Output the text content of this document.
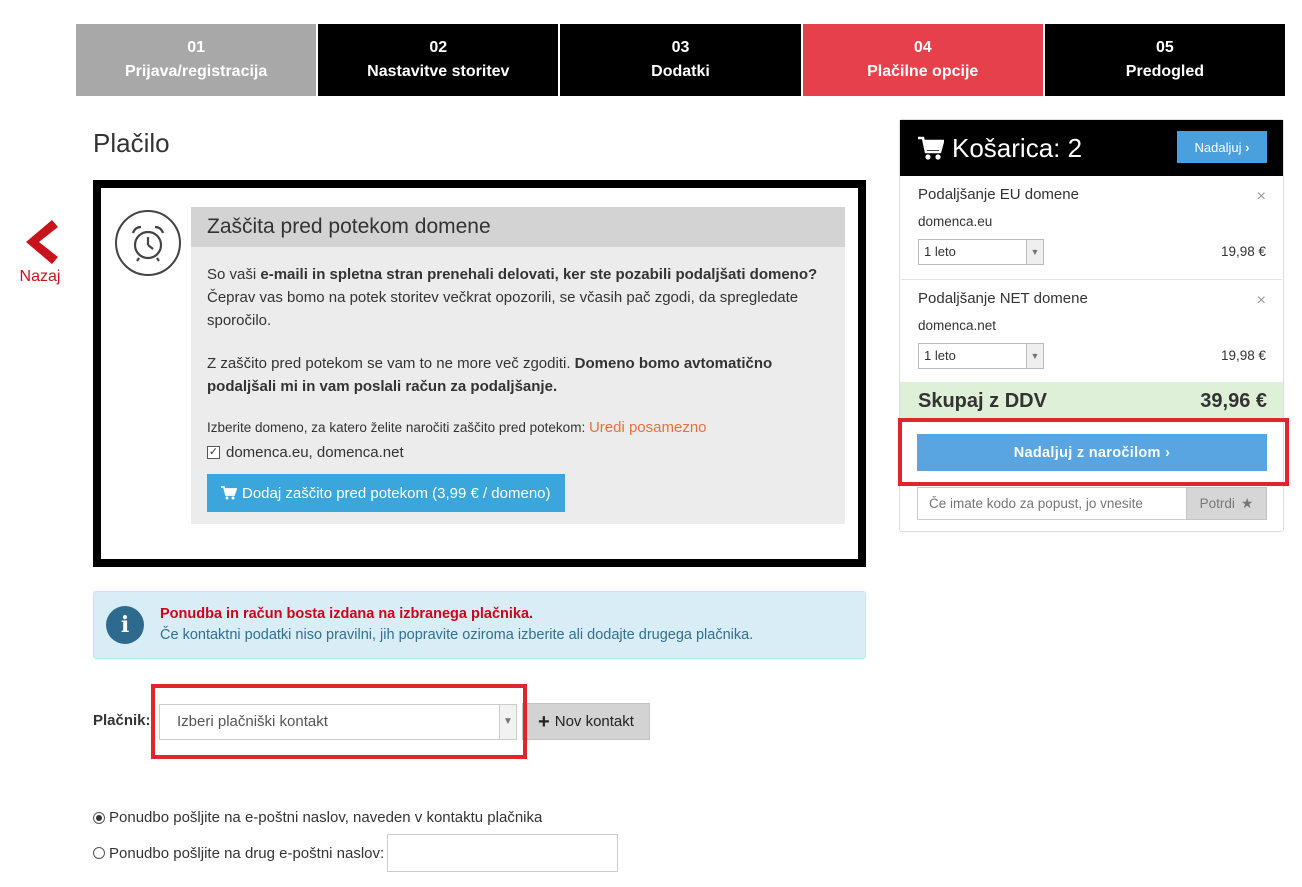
01
Prijava/registracija
02
Nastavitve storitev
03
Dodatki
04
Plačilne opcije
05
Predogled
Nazaj
Plačilo
Zaščita pred potekom domene

So vaši e-maili in spletna stran prenehali delovati, ker ste pozabili podaljšati domeno? Čeprav vas bomo na potek storitev večkrat opozorili, se včasih pač zgodi, da spregledate sporočilo.

Z zaščito pred potekom se vam to ne more več zgoditi. Domeno bomo avtomatično podaljšali mi in vam poslali račun za podaljšanje.

Izberite domeno, za katero želite naročiti zaščito pred potekom: Uredi posamezno
✓ domenca.eu, domenca.net
Dodaj zaščito pred potekom (3,99 € / domeno)
i	Ponudba in račun bosta izdana na izbranega plačnika.
Če kontaktni podatki niso pravilni, jih popravite oziroma izberite ali dodajte drugega plačnika.
Plačnik:	Izberi plačniški kontakt	▼ + Nov kontakt
Ponudbo pošljite na e-poštni naslov, naveden v kontaktu plačnika
Ponudbo pošljite na drug e-poštni naslov:
Košarica: 2	Nadaljuj
›
Podaljšanje EU domene	×
domenca.eu
1 leto	▼	19,98 €
Podaljšanje NET domene	×
domenca.net
1 leto	▼	19,98 €
Skupaj z DDV	39,96 €
Nadaljuj z naročilom
›
Če imate kodo za popust, jo vnesite
Potrdi ★
